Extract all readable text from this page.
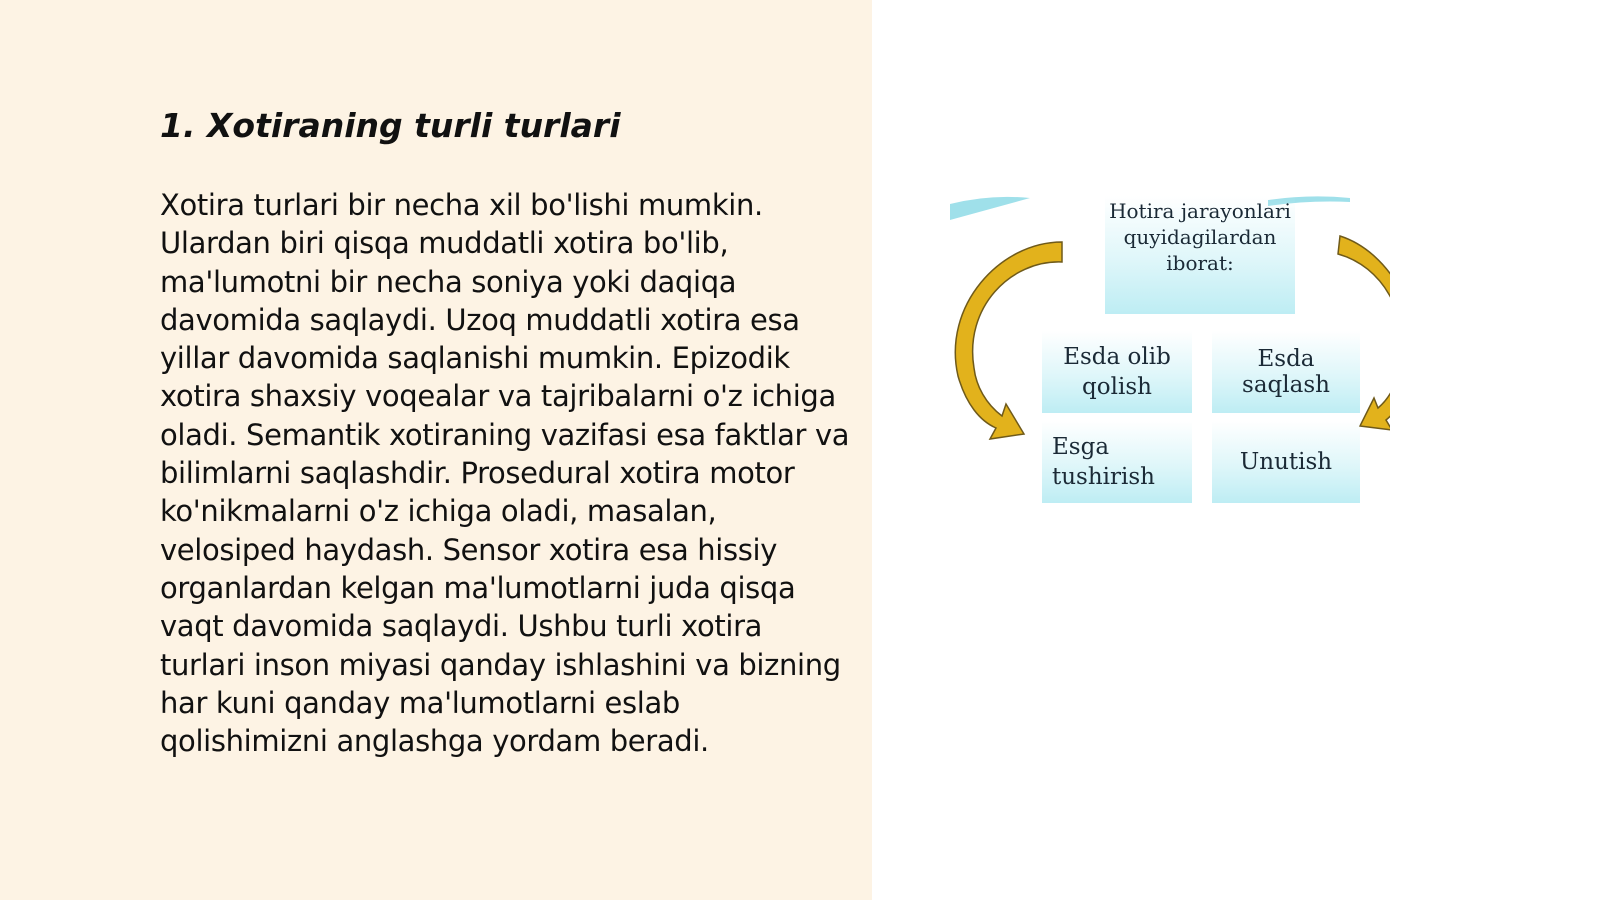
1. Xotiraning turli turlari

Xotira turlari bir necha xil bo'lishi mumkin. Ulardan biri qisqa muddatli xotira bo'lib, ma'lumotni bir necha soniya yoki daqiqa davomida saqlaydi. Uzoq muddatli xotira esa yillar davomida saqlanishi mumkin. Epizodik xotira shaxsiy voqealar va tajribalarni o'z ichiga oladi. Semantik xotiraning vazifasi esa faktlar va bilimlarni saqlashdir. Prosedural xotira motor ko'nikmalarni o'z ichiga oladi, masalan, velosiped haydash. Sensor xotira esa hissiy organlardan kelgan ma'lumotlarni juda qisqa vaqt davomida saqlaydi. Ushbu turli xotira turlari inson miyasi qanday ishlashini va bizning har kuni qanday ma'lumotlarni eslab qolishimizni anglashga yordam beradi.

Hotira jarayonlari quyidagilardan iborat:
Esda olib qolish
Esda saqlash
Esga tushirish
Unutish
